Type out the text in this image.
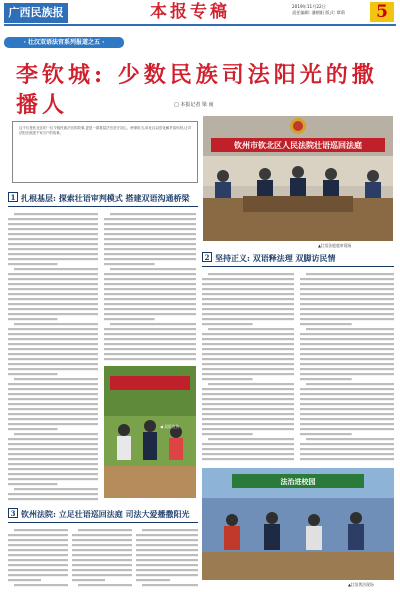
GUANGXI MINZU BAO
广西民族报	本报专稿	2019年11月22日
责任编辑: 潘朝阳 版式: 覃莉	5
· 壮汉双语法官系列报道之五 ·
李钦城: 少数民族司法阳光的撒播人	□ 本报记者 梁 南

这不仅是钦北区的一位少数民族法官的故事,更是一群基层法官坚守初心、使命担当,用壮汉双语化解矛盾纠纷,让司法阳光照进千家万户的故事。

钦州市钦北区人民法院壮语巡回法庭
▲壮语法庭庭审现场
1 扎根基层: 探索壮语审判模式 搭建双语沟通桥梁
◀ 双语宣传
2 坚持正义: 双语释法理 双脚访民情
法治进校园
▲壮语普法现场
3 钦州法院: 立足壮语巡回法庭 司法大爱播撒阳光
